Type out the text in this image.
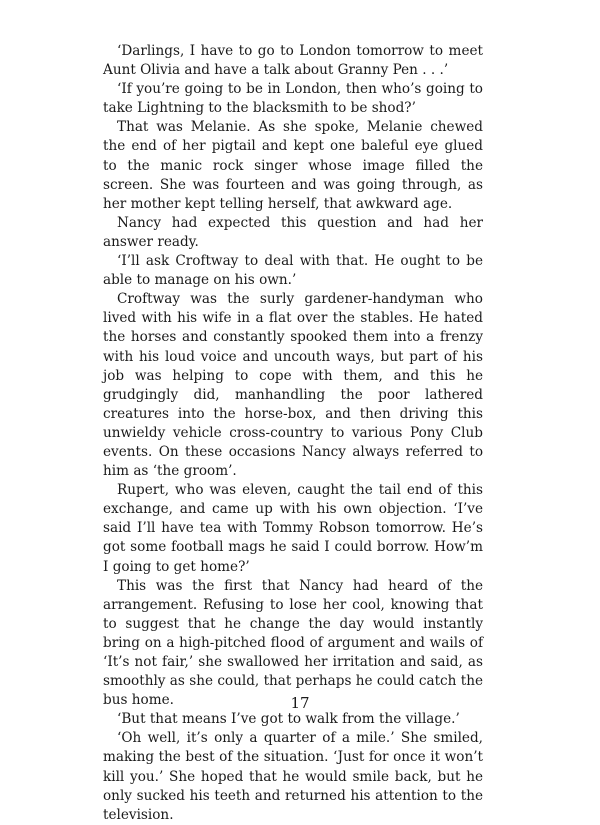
‘Darlings, I have to go to London tomorrow to meet Aunt Olivia and have a talk about Granny Pen . . .’

‘If you’re going to be in London, then who’s going to take Lightning to the blacksmith to be shod?’

That was Melanie. As she spoke, Melanie chewed the end of her pigtail and kept one baleful eye glued to the manic rock singer whose image filled the screen. She was fourteen and was going through, as her mother kept telling herself, that awkward age.

Nancy had expected this question and had her answer ready.

‘I’ll ask Croftway to deal with that. He ought to be able to manage on his own.’

Croftway was the surly gardener-handyman who lived with his wife in a flat over the stables. He hated the horses and constantly spooked them into a frenzy with his loud voice and uncouth ways, but part of his job was helping to cope with them, and this he grudgingly did, manhandling the poor lathered creatures into the horse-box, and then driving this unwieldy vehicle cross-country to various Pony Club events. On these occasions Nancy always referred to him as ‘the groom’.

Rupert, who was eleven, caught the tail end of this exchange, and came up with his own objection. ‘I’ve said I’ll have tea with Tommy Robson tomorrow. He’s got some football mags he said I could borrow. How’m I going to get home?’

This was the first that Nancy had heard of the arrangement. Refusing to lose her cool, knowing that to suggest that he change the day would instantly bring on a high-pitched flood of argument and wails of ‘It’s not fair,’ she swallowed her irritation and said, as smoothly as she could, that perhaps he could catch the bus home.

‘But that means I’ve got to walk from the village.’

‘Oh well, it’s only a quarter of a mile.’ She smiled, making the best of the situation. ‘Just for once it won’t kill you.’ She hoped that he would smile back, but he only sucked his teeth and returned his attention to the television.

17
